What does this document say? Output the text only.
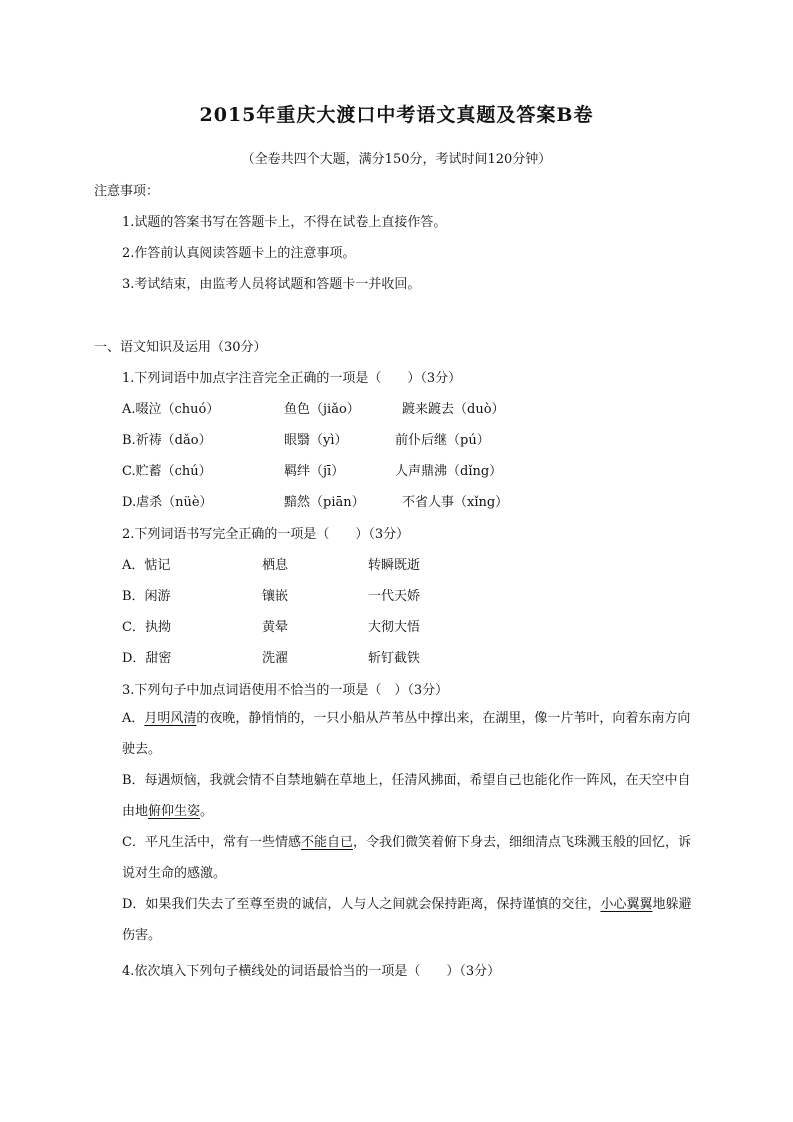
2015年重庆大渡口中考语文真题及答案B卷
（全卷共四个大题，满分150分，考试时间120分钟）
注意事项：
1.试题的答案书写在答题卡上，不得在试卷上直接作答。
2.作答前认真阅读答题卡上的注意事项。
3.考试结束，由监考人员将试题和答题卡一并收回。
一、语文知识及运用（30分）
1.下列词语中加点字注音完全正确的一项是（　　）（3分）
A.啜泣（chuó）	鱼色（jiǎo）	踱来踱去（duò）
B.祈祷（dǎo）	眼翳（yì）	前仆后继（pú）
C.贮蓄（chú）	羁绊（jī）	人声鼎沸（dǐng）
D.虐杀（nüè）	黯然（piān）	不省人事（xǐng）
2.下列词语书写完全正确的一项是（　　）（3分）
A．惦记	栖息	转瞬既逝
B．闲游	镶嵌	一代天娇
C．执拗	黄晕	大彻大悟
D．甜密	洗濯	斩钉截铁
3.下列句子中加点词语使用不恰当的一项是（　）（3分）
A．月明风清的夜晚，静悄悄的，一只小船从芦苇丛中撑出来，在湖里，像一片苇叶，向着东南方向驶去。
B．每遇烦恼，我就会情不自禁地躺在草地上，任清风拂面，希望自己也能化作一阵风，在天空中自由地俯仰生姿。
C．平凡生活中，常有一些情感不能自已，令我们微笑着俯下身去，细细清点飞珠溅玉般的回忆，诉说对生命的感激。
D．如果我们失去了至尊至贵的诚信，人与人之间就会保持距离，保持谨慎的交往，小心翼翼地躲避伤害。
4.依次填入下列句子横线处的词语最恰当的一项是（　　）（3分）
